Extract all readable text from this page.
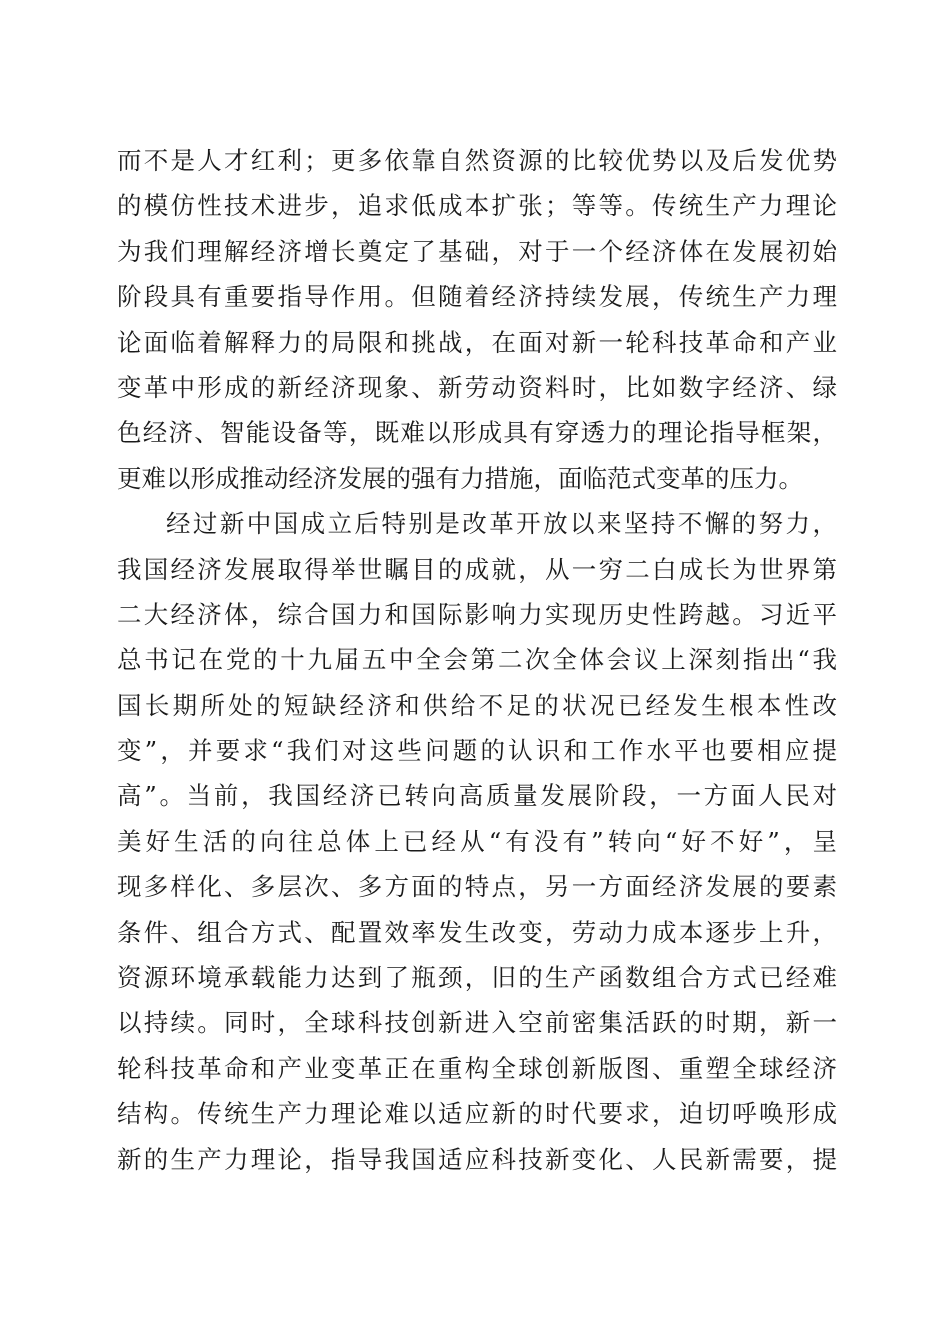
而不是人才红利；更多依靠自然资源的比较优势以及后发优势
的模仿性技术进步，追求低成本扩张；等等。传统生产力理论
为我们理解经济增长奠定了基础，对于一个经济体在发展初始
阶段具有重要指导作用。但随着经济持续发展，传统生产力理
论面临着解释力的局限和挑战，在面对新一轮科技革命和产业
变革中形成的新经济现象、新劳动资料时，比如数字经济、绿
色经济、智能设备等，既难以形成具有穿透力的理论指导框架，
更难以形成推动经济发展的强有力措施，面临范式变革的压力。
经过新中国成立后特别是改革开放以来坚持不懈的努力，
我国经济发展取得举世瞩目的成就，从一穷二白成长为世界第
二大经济体，综合国力和国际影响力实现历史性跨越。习近平
总书记在党的十九届五中全会第二次全体会议上深刻指出“我
国长期所处的短缺经济和供给不足的状况已经发生根本性改
变”，并要求“我们对这些问题的认识和工作水平也要相应提
高”。当前，我国经济已转向高质量发展阶段，一方面人民对
美好生活的向往总体上已经从“有没有”转向“好不好”，呈
现多样化、多层次、多方面的特点，另一方面经济发展的要素
条件、组合方式、配置效率发生改变，劳动力成本逐步上升，
资源环境承载能力达到了瓶颈，旧的生产函数组合方式已经难
以持续。同时，全球科技创新进入空前密集活跃的时期，新一
轮科技革命和产业变革正在重构全球创新版图、重塑全球经济
结构。传统生产力理论难以适应新的时代要求，迫切呼唤形成
新的生产力理论，指导我国适应科技新变化、人民新需要，提
